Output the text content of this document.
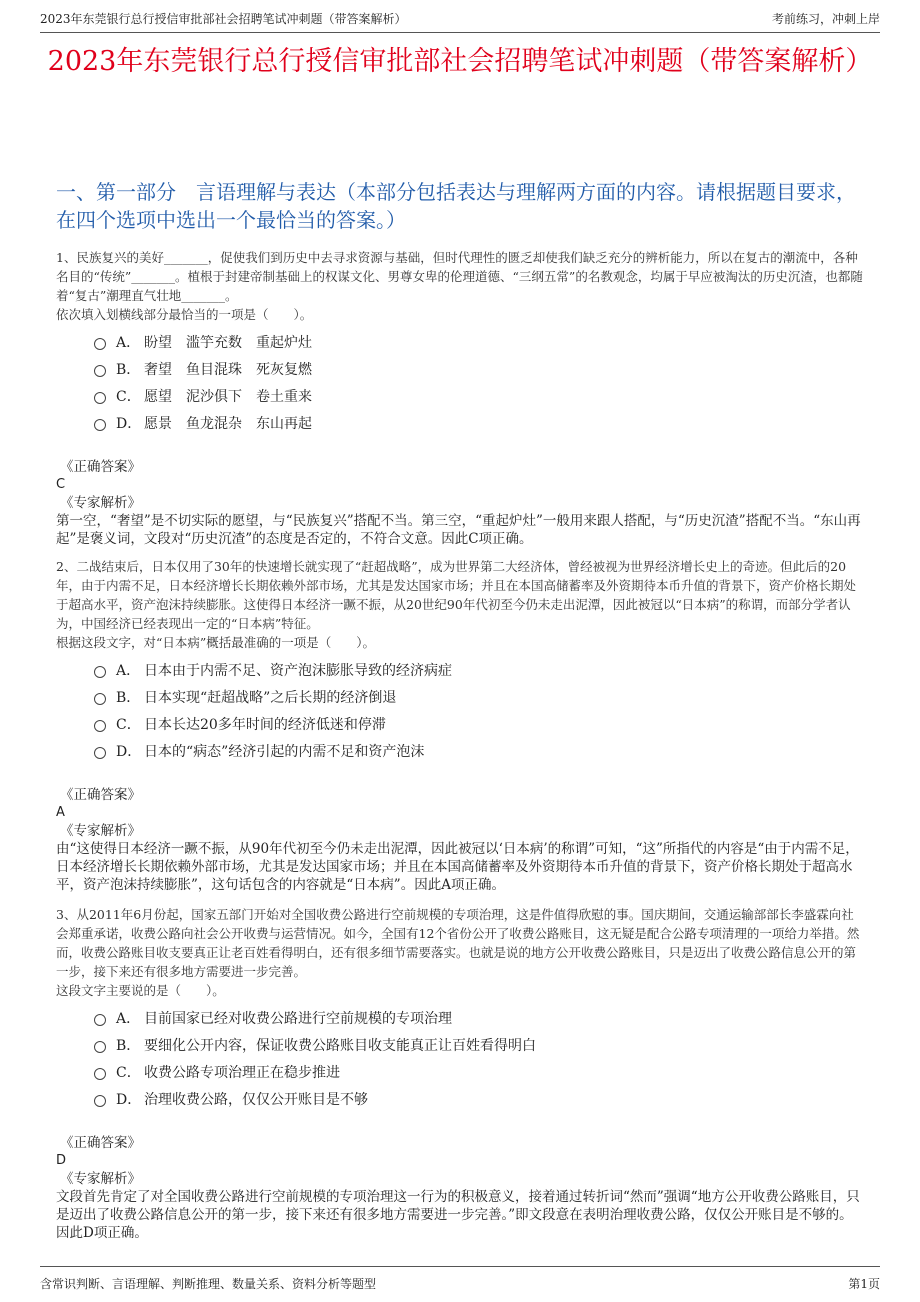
2023年东莞银行总行授信审批部社会招聘笔试冲刺题（带答案解析）	考前练习，冲刺上岸
2023年东莞银行总行授信审批部社会招聘笔试冲刺题（带答案解析）
一、第一部分　言语理解与表达（本部分包括表达与理解两方面的内容。请根据题目要求，在四个选项中选出一个最恰当的答案。）
1、民族复兴的美好_______，促使我们到历史中去寻求资源与基础，但时代理性的匮乏却使我们缺乏充分的辨析能力，所以在复古的潮流中，各种名目的“传统”_______。植根于封建帝制基础上的权谋文化、男尊女卑的伦理道德、“三纲五常”的名教观念，均属于早应被淘汰的历史沉渣，也都随着“复古”潮理直气壮地_______。
依次填入划横线部分最恰当的一项是（　　）。
A． 盼望　滥竽充数　重起炉灶
B． 奢望　鱼目混珠　死灰复燃
C． 愿望　泥沙俱下　卷土重来
D． 愿景　鱼龙混杂　东山再起
《正确答案》
C
《专家解析》
第一空，“奢望”是不切实际的愿望，与“民族复兴”搭配不当。第三空，“重起炉灶”一般用来跟人搭配，与“历史沉渣”搭配不当。“东山再起”是褒义词，文段对“历史沉渣”的态度是否定的，不符合文意。因此C项正确。
2、二战结束后，日本仅用了30年的快速增长就实现了“赶超战略”，成为世界第二大经济体，曾经被视为世界经济增长史上的奇迹。但此后的20年，由于内需不足，日本经济增长长期依赖外部市场，尤其是发达国家市场；并且在本国高储蓄率及外资期待本币升值的背景下，资产价格长期处于超高水平，资产泡沫持续膨胀。这使得日本经济一蹶不振，从20世纪90年代初至今仍未走出泥潭，因此被冠以“日本病”的称谓，而部分学者认为，中国经济已经表现出一定的“日本病”特征。
根据这段文字，对“日本病”概括最准确的一项是（　　）。
A． 日本由于内需不足、资产泡沫膨胀导致的经济病症
B． 日本实现“赶超战略”之后长期的经济倒退
C． 日本长达20多年时间的经济低迷和停滞
D． 日本的“病态”经济引起的内需不足和资产泡沫
《正确答案》
A
《专家解析》
由“这使得日本经济一蹶不振，从90年代初至今仍未走出泥潭，因此被冠以‘日本病’的称谓”可知，“这”所指代的内容是“由于内需不足，日本经济增长长期依赖外部市场，尤其是发达国家市场；并且在本国高储蓄率及外资期待本币升值的背景下，资产价格长期处于超高水平，资产泡沫持续膨胀”，这句话包含的内容就是“日本病”。因此A项正确。
3、从2011年6月份起，国家五部门开始对全国收费公路进行空前规模的专项治理，这是件值得欣慰的事。国庆期间，交通运输部部长李盛霖向社会郑重承诺，收费公路向社会公开收费与运营情况。如今，全国有12个省份公开了收费公路账目，这无疑是配合公路专项清理的一项给力举措。然而，收费公路账目收支要真正让老百姓看得明白，还有很多细节需要落实。也就是说的地方公开收费公路账目，只是迈出了收费公路信息公开的第一步，接下来还有很多地方需要进一步完善。
这段文字主要说的是（　　）。
A． 目前国家已经对收费公路进行空前规模的专项治理
B． 要细化公开内容，保证收费公路账目收支能真正让百姓看得明白
C． 收费公路专项治理正在稳步推进
D． 治理收费公路，仅仅公开账目是不够
《正确答案》
D
《专家解析》
文段首先肯定了对全国收费公路进行空前规模的专项治理这一行为的积极意义，接着通过转折词“然而”强调“地方公开收费公路账目，只是迈出了收费公路信息公开的第一步，接下来还有很多地方需要进一步完善。”即文段意在表明治理收费公路，仅仅公开账目是不够的。因此D项正确。
含常识判断、言语理解、判断推理、数量关系、资料分析等题型	第1页
